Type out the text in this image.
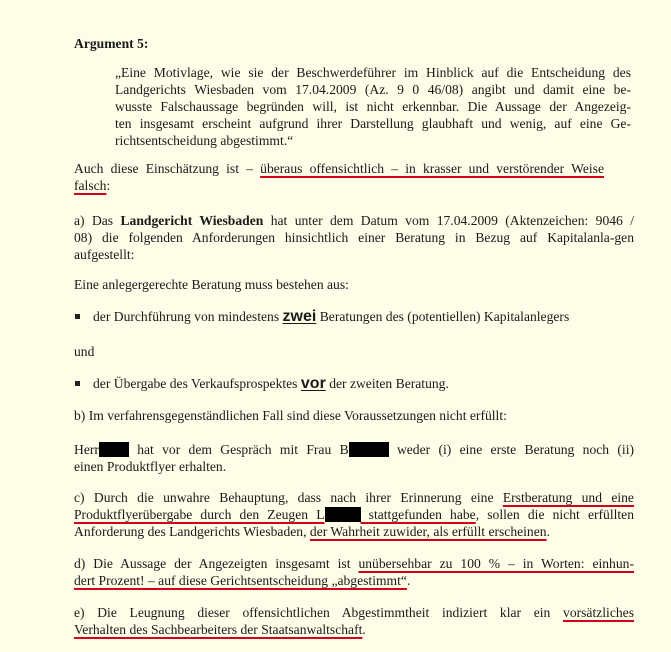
Argument 5:
„Eine Motivlage, wie sie der Beschwerdeführer im Hinblick auf die Entscheidung des
Landgerichts Wiesbaden vom 17.04.2009 (Az. 9 0 46/08) angibt und damit eine be-
wusste Falschaussage begründen will, ist nicht erkennbar. Die Aussage der Angezeig-
ten insgesamt erscheint aufgrund ihrer Darstellung glaubhaft und wenig, auf eine Ge-
richtsentscheidung abgestimmt.“
Auch diese Einschätzung ist – überaus offensichtlich – in krasser und verstörender Weise
falsch:
a) Das Landgericht Wiesbaden hat unter dem Datum vom 17.04.2009 (Aktenzeichen: 9046 /
08) die folgenden Anforderungen hinsichtlich einer Beratung in Bezug auf Kapitalanla-gen
aufgestellt:
Eine anlegergerechte Beratung muss bestehen aus:
der Durchführung von mindestens zwei Beratungen des (potentiellen) Kapitalanlegers
und
der Übergabe des Verkaufsprospektes vor der zweiten Beratung.
b) Im verfahrensgegenständlichen Fall sind diese Voraussetzungen nicht erfüllt:
Herr	hat vor dem Gespräch mit Frau B	weder (i) eine erste Beratung noch (ii)
einen Produktflyer erhalten.
c) Durch die unwahre Behauptung, dass nach ihrer Erinnerung eine Erstberatung und eine
Produktflyerübergabe durch den Zeugen L	stattgefunden habe, sollen die nicht erfüllten
Anforderung des Landgerichts Wiesbaden, der Wahrheit zuwider, als erfüllt erscheinen.
d) Die Aussage der Angezeigten insgesamt ist unübersehbar zu 100 % – in Worten: einhun-
dert Prozent! – auf diese Gerichtsentscheidung „abgestimmt“.
e) Die Leugnung dieser offensichtlichen Abgestimmtheit indiziert klar ein vorsätzliches
Verhalten des Sachbearbeiters der Staatsanwaltschaft.
